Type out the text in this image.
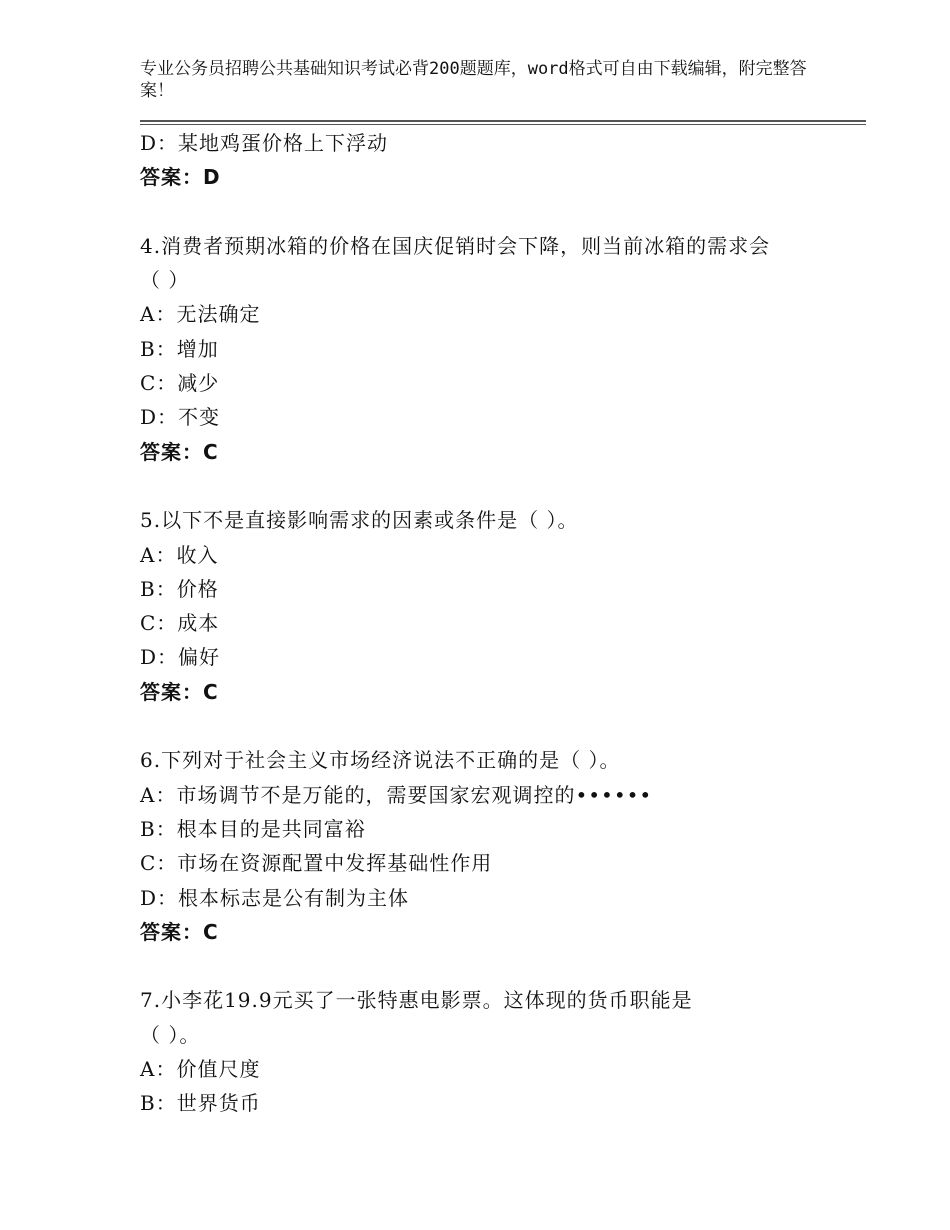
专业公务员招聘公共基础知识考试必背200题题库，word格式可自由下载编辑，附完整答案！
D：某地鸡蛋价格上下浮动
答案：D
4.消费者预期冰箱的价格在国庆促销时会下降，则当前冰箱的需求会
（ ）
A：无法确定
B：增加
C：减少
D：不变
答案：C
5.以下不是直接影响需求的因素或条件是（ ）。
A：收入
B：价格
C：成本
D：偏好
答案：C
6.下列对于社会主义市场经济说法不正确的是（ ）。
A：市场调节不是万能的，需要国家宏观调控的••••••
B：根本目的是共同富裕
C：市场在资源配置中发挥基础性作用
D：根本标志是公有制为主体
答案：C
7.小李花19.9元买了一张特惠电影票。这体现的货币职能是
（ ）。
A：价值尺度
B：世界货币
